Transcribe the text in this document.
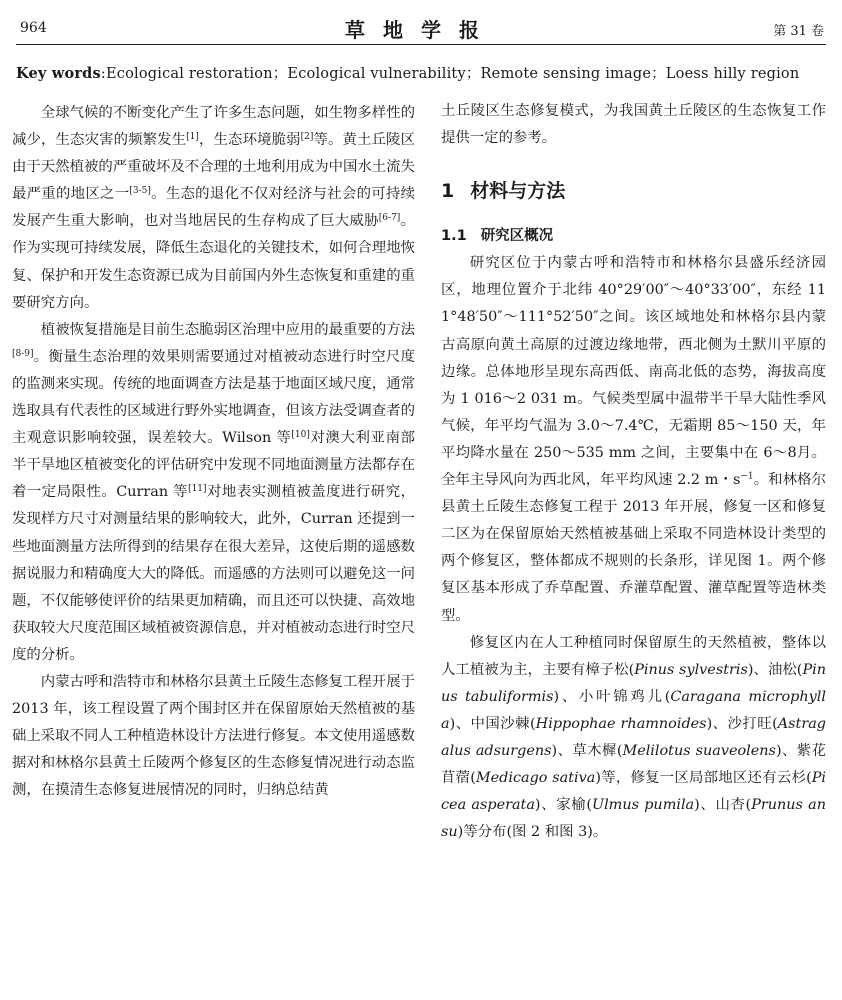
964	草地学报	第 31 卷
Key words:Ecological restoration；Ecological vulnerability；Remote sensing image；Loess hilly region

全球气候的不断变化产生了许多生态问题，如生物多样性的减少，生态灾害的频繁发生[1]，生态环境脆弱[2]等。黄土丘陵区由于天然植被的严重破坏及不合理的土地利用成为中国水土流失最严重的地区之一[3-5]。生态的退化不仅对经济与社会的可持续发展产生重大影响，也对当地居民的生存构成了巨大威胁[6-7]。作为实现可持续发展，降低生态退化的关键技术，如何合理地恢复、保护和开发生态资源已成为目前国内外生态恢复和重建的重要研究方向。

植被恢复措施是目前生态脆弱区治理中应用的最重要的方法[8-9]。衡量生态治理的效果则需要通过对植被动态进行时空尺度的监测来实现。传统的地面调查方法是基于地面区域尺度，通常选取具有代表性的区域进行野外实地调查，但该方法受调查者的主观意识影响较强，误差较大。Wilson 等[10]对澳大利亚南部半干旱地区植被变化的评估研究中发现不同地面测量方法都存在着一定局限性。Curran 等[11]对地表实测植被盖度进行研究，发现样方尺寸对测量结果的影响较大，此外，Curran 还提到一些地面测量方法所得到的结果存在很大差异，这使后期的遥感数据说服力和精确度大大的降低。而遥感的方法则可以避免这一问题，不仅能够使评价的结果更加精确，而且还可以快捷、高效地获取较大尺度范围区域植被资源信息，并对植被动态进行时空尺度的分析。

内蒙古呼和浩特市和林格尔县黄土丘陵生态修复工程开展于 2013 年，该工程设置了两个围封区并在保留原始天然植被的基础上采取不同人工种植造林设计方法进行修复。本文使用遥感数据对和林格尔县黄土丘陵两个修复区的生态修复情况进行动态监测，在摸清生态修复进展情况的同时，归纳总结黄

土丘陵区生态修复模式，为我国黄土丘陵区的生态恢复工作提供一定的参考。

1 材料与方法
1.1 研究区概况

研究区位于内蒙古呼和浩特市和林格尔县盛乐经济园区，地理位置介于北纬 40°29′00″～40°33′00″，东经 111°48′50″～111°52′50″之间。该区域地处和林格尔县内蒙古高原向黄土高原的过渡边缘地带，西北侧为土默川平原的边缘。总体地形呈现东高西低、南高北低的态势，海拔高度为 1 016～2 031 m。气候类型属中温带半干旱大陆性季风气候，年平均气温为 3.0～7.4℃，无霜期 85～150 天，年平均降水量在 250～535 mm 之间，主要集中在 6～8月。全年主导风向为西北风，年平均风速 2.2 m・$s^{-1}$。和林格尔县黄土丘陵生态修复工程于 2013 年开展，修复一区和修复二区为在保留原始天然植被基础上采取不同造林设计类型的两个修复区，整体都成不规则的长条形，详见图 1。两个修复区基本形成了乔草配置、乔灌草配置、灌草配置等造林类型。

修复区内在人工种植同时保留原生的天然植被，整体以人工植被为主，主要有樟子松(Pinus sylvestris)、油松(Pinus tabuliformis)、小叶锦鸡儿(Caragana microphylla)、中国沙棘(Hippophae rhamnoides)、沙打旺(Astragalus adsurgens)、草木樨(Melilotus suaveolens)、紫花苜蓿(Medicago sativa)等，修复一区局部地区还有云杉(Picea asperata)、家榆(Ulmus pumila)、山杏(Prunus ansu)等分布(图 2 和图 3)。
